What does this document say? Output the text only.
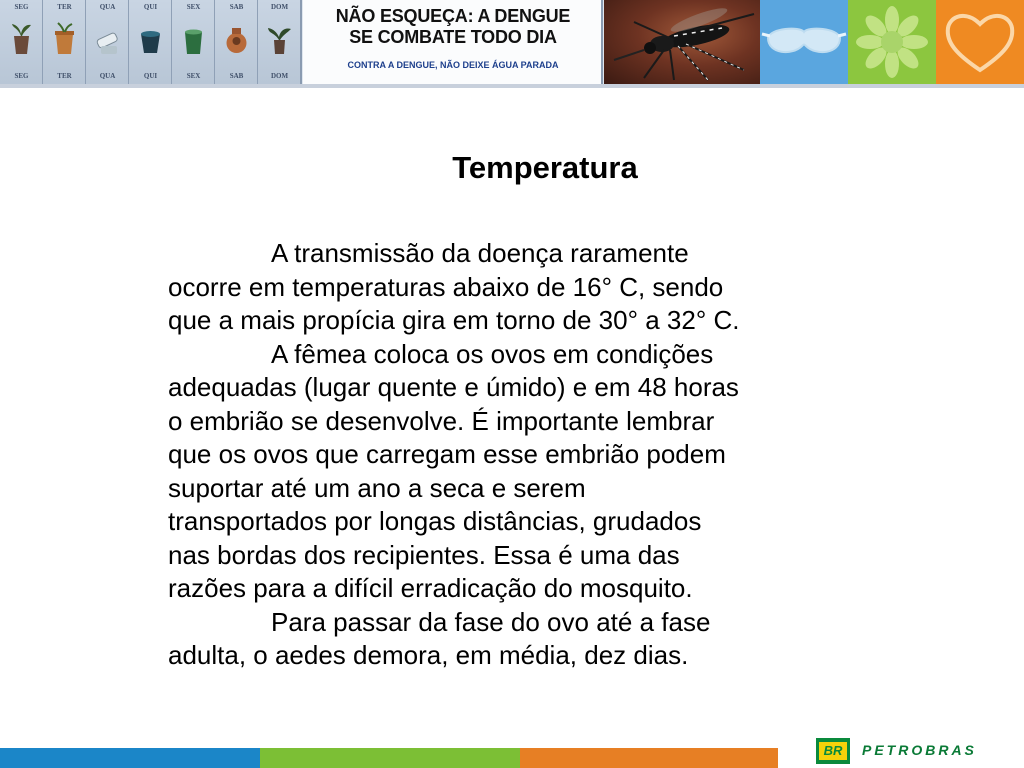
SEG
SEG
TER
TER
QUA
QUA
QUI
QUI
SEX
SEX
SAB
SAB
DOM
DOM
NÃO ESQUEÇA: A DENGUE
SE COMBATE TODO DIA
CONTRA A DENGUE, NÃO DEIXE ÁGUA PARADA
Temperatura
A transmissão da doença raramente
ocorre em temperaturas abaixo de 16° C, sendo
que a mais propícia gira em torno de 30° a 32° C.
A fêmea coloca os ovos em condições
adequadas (lugar quente e úmido) e em 48 horas
o embrião se desenvolve. É importante lembrar
que os ovos que carregam esse embrião podem
suportar até um ano a seca e serem
transportados por longas distâncias, grudados
nas bordas dos recipientes. Essa é uma das
razões para a difícil erradicação do mosquito.
Para passar da fase do ovo até a fase
adulta, o aedes demora, em média, dez dias.
BR	PETROBRAS
